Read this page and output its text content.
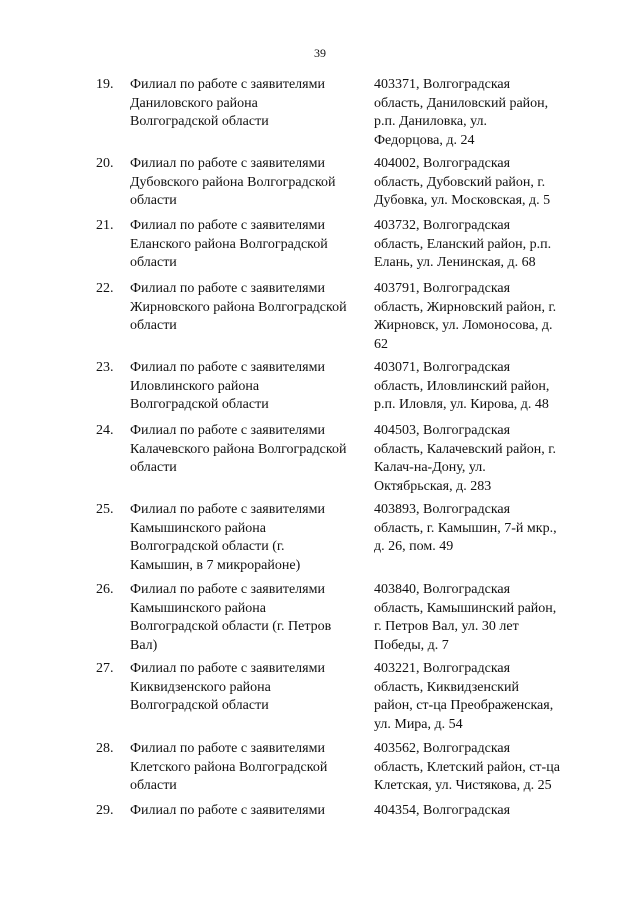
39
19. Филиал по работе с заявителями
Даниловского района
Волгоградской области
403371, Волгоградская
область, Даниловский район,
р.п. Даниловка, ул.
Федорцова, д. 24
20. Филиал по работе с заявителями
Дубовского района Волгоградской
области
404002, Волгоградская
область, Дубовский район, г.
Дубовка, ул. Московская, д. 5
21. Филиал по работе с заявителями
Еланского района Волгоградской
области
403732, Волгоградская
область, Еланский район, р.п.
Елань, ул. Ленинская, д. 68
22. Филиал по работе с заявителями
Жирновского района Волгоградской
области
403791, Волгоградская
область, Жирновский район, г.
Жирновск, ул. Ломоносова, д.
62
23. Филиал по работе с заявителями
Иловлинского района
Волгоградской области
403071, Волгоградская
область, Иловлинский район,
р.п. Иловля, ул. Кирова, д. 48
24. Филиал по работе с заявителями
Калачевского района Волгоградской
области
404503, Волгоградская
область, Калачевский район, г.
Калач-на-Дону, ул.
Октябрьская, д. 283
25. Филиал по работе с заявителями
Камышинского района
Волгоградской области (г.
Камышин, в 7 микрорайоне)
403893, Волгоградская
область, г. Камышин, 7-й мкр.,
д. 26, пом. 49
26. Филиал по работе с заявителями
Камышинского района
Волгоградской области (г. Петров
Вал)
403840, Волгоградская
область, Камышинский район,
г. Петров Вал, ул. 30 лет
Победы, д. 7
27. Филиал по работе с заявителями
Киквидзенского района
Волгоградской области
403221, Волгоградская
область, Киквидзенский
район, ст-ца Преображенская,
ул. Мира, д. 54
28. Филиал по работе с заявителями
Клетского района Волгоградской
области
403562, Волгоградская
область, Клетский район, ст-ца
Клетская, ул. Чистякова, д. 25
29. Филиал по работе с заявителями	404354, Волгоградская
